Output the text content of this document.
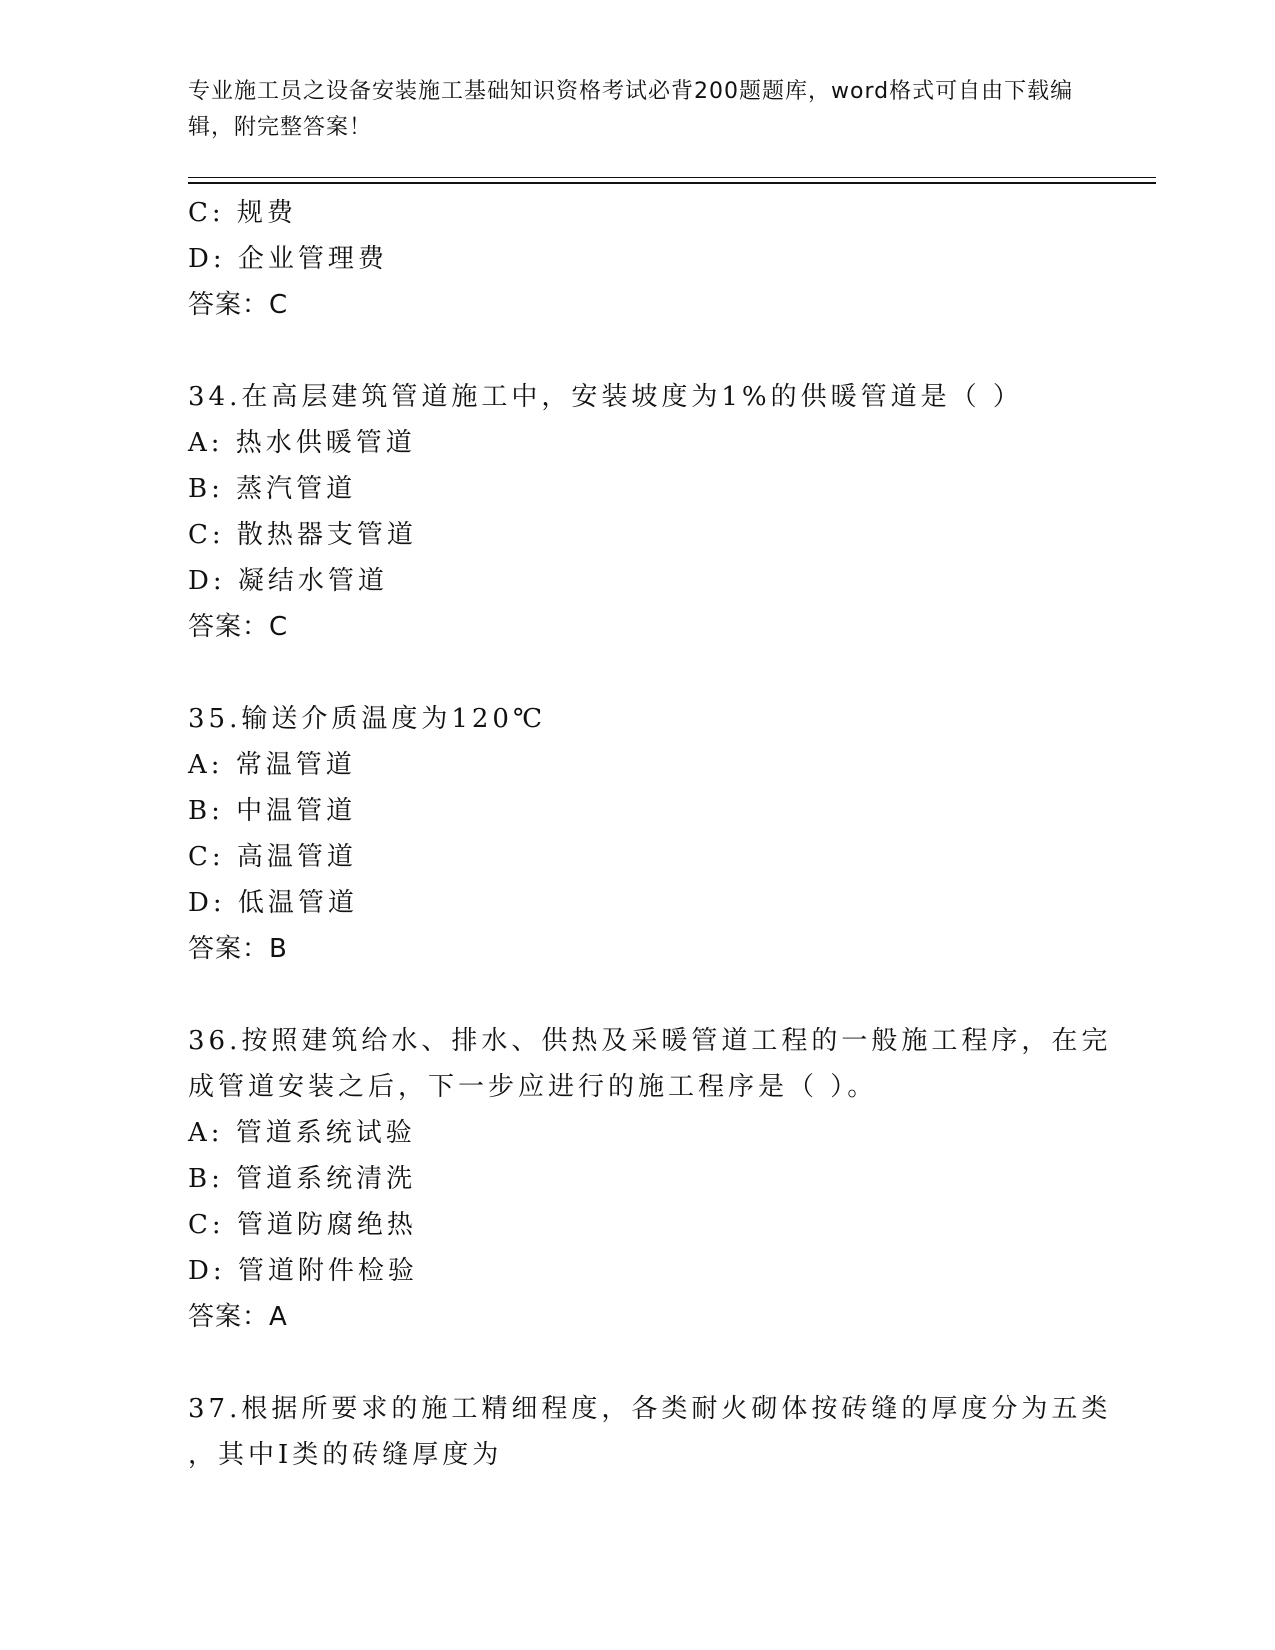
专业施工员之设备安装施工基础知识资格考试必背200题题库，word格式可自由下载编辑，附完整答案！
C: 规费
D: 企业管理费
答案：C
34.在高层建筑管道施工中，安装坡度为1%的供暖管道是（ ）
A: 热水供暖管道
B: 蒸汽管道
C: 散热器支管道
D: 凝结水管道
答案：C
35.输送介质温度为120℃
A: 常温管道
B: 中温管道
C: 高温管道
D: 低温管道
答案：B
36.按照建筑给水、排水、供热及采暖管道工程的一般施工程序，在完
成管道安装之后，下一步应进行的施工程序是（ ）。
A: 管道系统试验
B: 管道系统清洗
C: 管道防腐绝热
D: 管道附件检验
答案：A
37.根据所要求的施工精细程度，各类耐火砌体按砖缝的厚度分为五类
，其中I类的砖缝厚度为
